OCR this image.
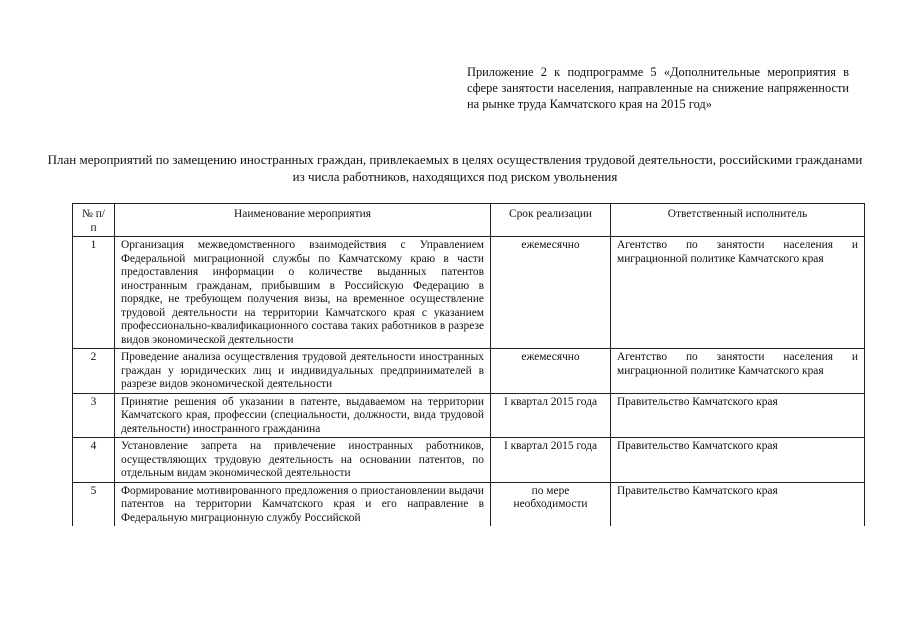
Приложение 2 к подпрограмме 5 «Дополнительные мероприятия в сфере занятости населения, направленные на снижение напряженности на рынке труда Камчатского края на 2015 год»
План мероприятий по замещению иностранных граждан, привлекаемых в целях осуществления трудовой деятельности, российскими гражданами из числа работников, находящихся под риском увольнения
№ п/п	Наименование мероприятия	Срок реализации	Ответственный исполнитель
1	Организация межведомственного взаимодействия с Управлением Федеральной миграционной службы по Камчатскому краю в части предоставления информации о количестве выданных патентов иностранным гражданам, прибывшим в Российскую Федерацию в порядке, не требующем получения визы, на временное осуществление трудовой деятельности на территории Камчатского края с указанием профессионально-квалификационного состава таких работников в разрезе видов экономической деятельности	ежемесячно	Агентство по занятости населения и миграционной политике Камчатского края
2	Проведение анализа осуществления трудовой деятельности иностранных граждан у юридических лиц и индивидуальных предпринимателей в разрезе видов экономической деятельности	ежемесячно	Агентство по занятости населения и миграционной политике Камчатского края
3	Принятие решения об указании в патенте, выдаваемом на территории Камчатского края, профессии (специальности, должности, вида трудовой деятельности) иностранного гражданина	I квартал 2015 года	Правительство Камчатского края
4	Установление запрета на привлечение иностранных работников, осуществляющих трудовую деятельность на основании патентов, по отдельным видам экономической деятельности	I квартал 2015 года	Правительство Камчатского края
5	Формирование мотивированного предложения о приостановлении выдачи патентов на территории Камчатского края и его направление в Федеральную миграционную службу Российской	по мере необходимости	Правительство Камчатского края
